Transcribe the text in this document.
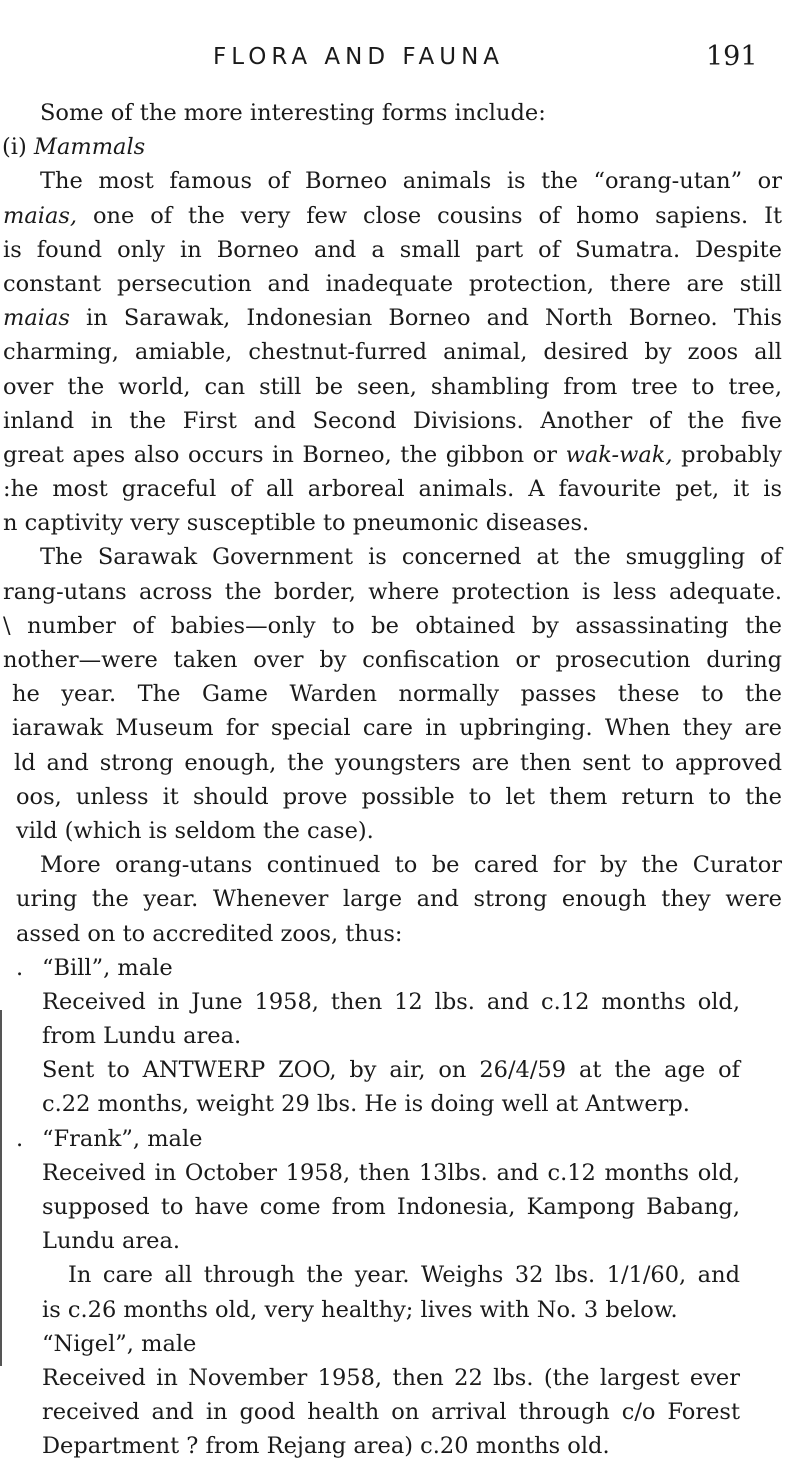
FLORA AND FAUNA	191
Some of the more interesting forms include:
(i) Mammals
The most famous of Borneo animals is the “orang-utan” or
maias, one of the very few close cousins of homo sapiens. It
is found only in Borneo and a small part of Sumatra. Despite
constant persecution and inadequate protection, there are still
maias in Sarawak, Indonesian Borneo and North Borneo. This
charming, amiable, chestnut-furred animal, desired by zoos all
over the world, can still be seen, shambling from tree to tree,
inland in the First and Second Divisions. Another of the five
great apes also occurs in Borneo, the gibbon or wak-wak, probably
:he most graceful of all arboreal animals. A favourite pet, it is
n captivity very susceptible to pneumonic diseases.
The Sarawak Government is concerned at the smuggling of
rang-utans across the border, where protection is less adequate.
\ number of babies—only to be obtained by assassinating the
nother—were taken over by confiscation or prosecution during
he year. The Game Warden normally passes these to the
iarawak Museum for special care in upbringing. When they are
ld and strong enough, the youngsters are then sent to approved
oos, unless it should prove possible to let them return to the
vild (which is seldom the case).
More orang-utans continued to be cared for by the Curator
uring the year. Whenever large and strong enough they were
assed on to accredited zoos, thus:
. “Bill”, male
Received in June 1958, then 12 lbs. and c.12 months old,
from Lundu area.
Sent to ANTWERP ZOO, by air, on 26/4/59 at the age of
c.22 months, weight 29 lbs. He is doing well at Antwerp.
. “Frank”, male
Received in October 1958, then 13lbs. and c.12 months old,
supposed to have come from Indonesia, Kampong Babang,
Lundu area.
In care all through the year. Weighs 32 lbs. 1/1/60, and
is c.26 months old, very healthy; lives with No. 3 below.
“Nigel”, male
Received in November 1958, then 22 lbs. (the largest ever
received and in good health on arrival through c/o Forest
Department ? from Rejang area) c.20 months old.
